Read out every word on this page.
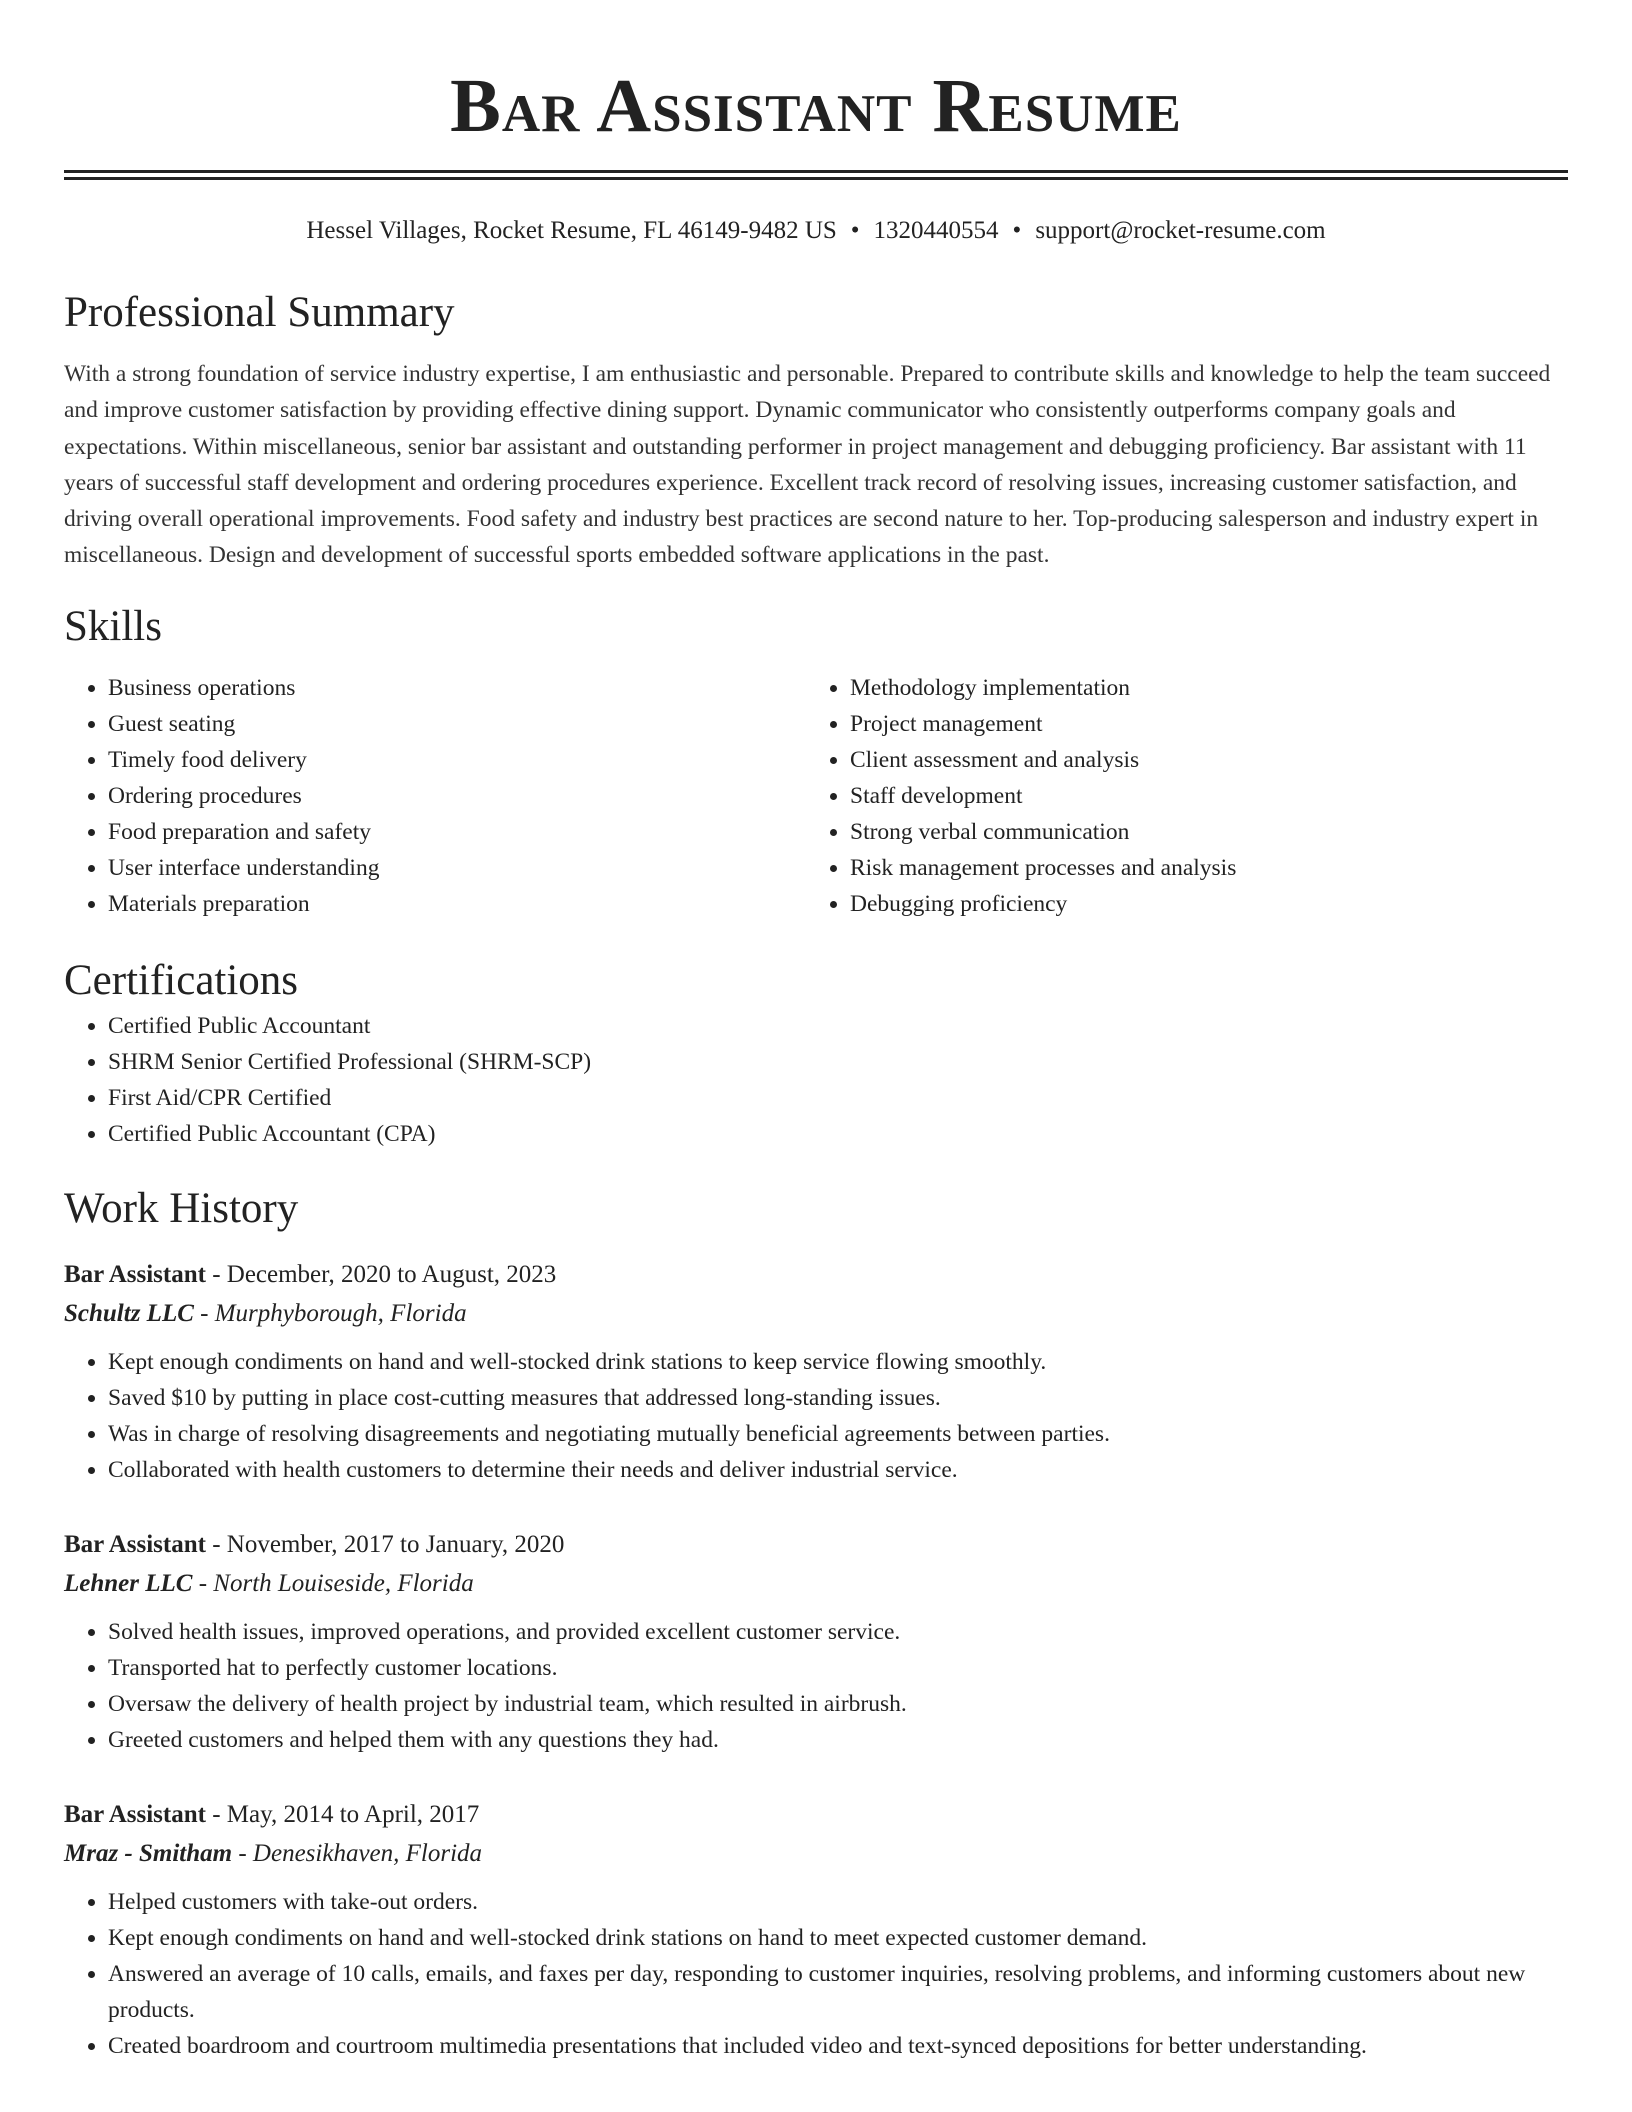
Bar Assistant Resume
Hessel Villages, Rocket Resume, FL 46149-9482 US • 1320440554 • support@rocket-resume.com
Professional Summary
With a strong foundation of service industry expertise, I am enthusiastic and personable. Prepared to contribute skills and knowledge to help the team succeed and improve customer satisfaction by providing effective dining support. Dynamic communicator who consistently outperforms company goals and expectations. Within miscellaneous, senior bar assistant and outstanding performer in project management and debugging proficiency. Bar assistant with 11 years of successful staff development and ordering procedures experience. Excellent track record of resolving issues, increasing customer satisfaction, and driving overall operational improvements. Food safety and industry best practices are second nature to her. Top-producing salesperson and industry expert in miscellaneous. Design and development of successful sports embedded software applications in the past.
Skills
• Business operations
• Guest seating
• Timely food delivery
• Ordering procedures
• Food preparation and safety
• User interface understanding
• Materials preparation
• Methodology implementation
• Project management
• Client assessment and analysis
• Staff development
• Strong verbal communication
• Risk management processes and analysis
• Debugging proficiency
Certifications
• Certified Public Accountant
• SHRM Senior Certified Professional (SHRM-SCP)
• First Aid/CPR Certified
• Certified Public Accountant (CPA)
Work History
Bar Assistant - December, 2020 to August, 2023
Schultz LLC - Murphyborough, Florida
• Kept enough condiments on hand and well-stocked drink stations to keep service flowing smoothly.
• Saved $10 by putting in place cost-cutting measures that addressed long-standing issues.
• Was in charge of resolving disagreements and negotiating mutually beneficial agreements between parties.
• Collaborated with health customers to determine their needs and deliver industrial service.
Bar Assistant - November, 2017 to January, 2020
Lehner LLC - North Louiseside, Florida
• Solved health issues, improved operations, and provided excellent customer service.
• Transported hat to perfectly customer locations.
• Oversaw the delivery of health project by industrial team, which resulted in airbrush.
• Greeted customers and helped them with any questions they had.
Bar Assistant - May, 2014 to April, 2017
Mraz - Smitham - Denesikhaven, Florida
• Helped customers with take-out orders.
• Kept enough condiments on hand and well-stocked drink stations on hand to meet expected customer demand.
• Answered an average of 10 calls, emails, and faxes per day, responding to customer inquiries, resolving problems, and informing customers about new products.
• Created boardroom and courtroom multimedia presentations that included video and text-synced depositions for better understanding.
